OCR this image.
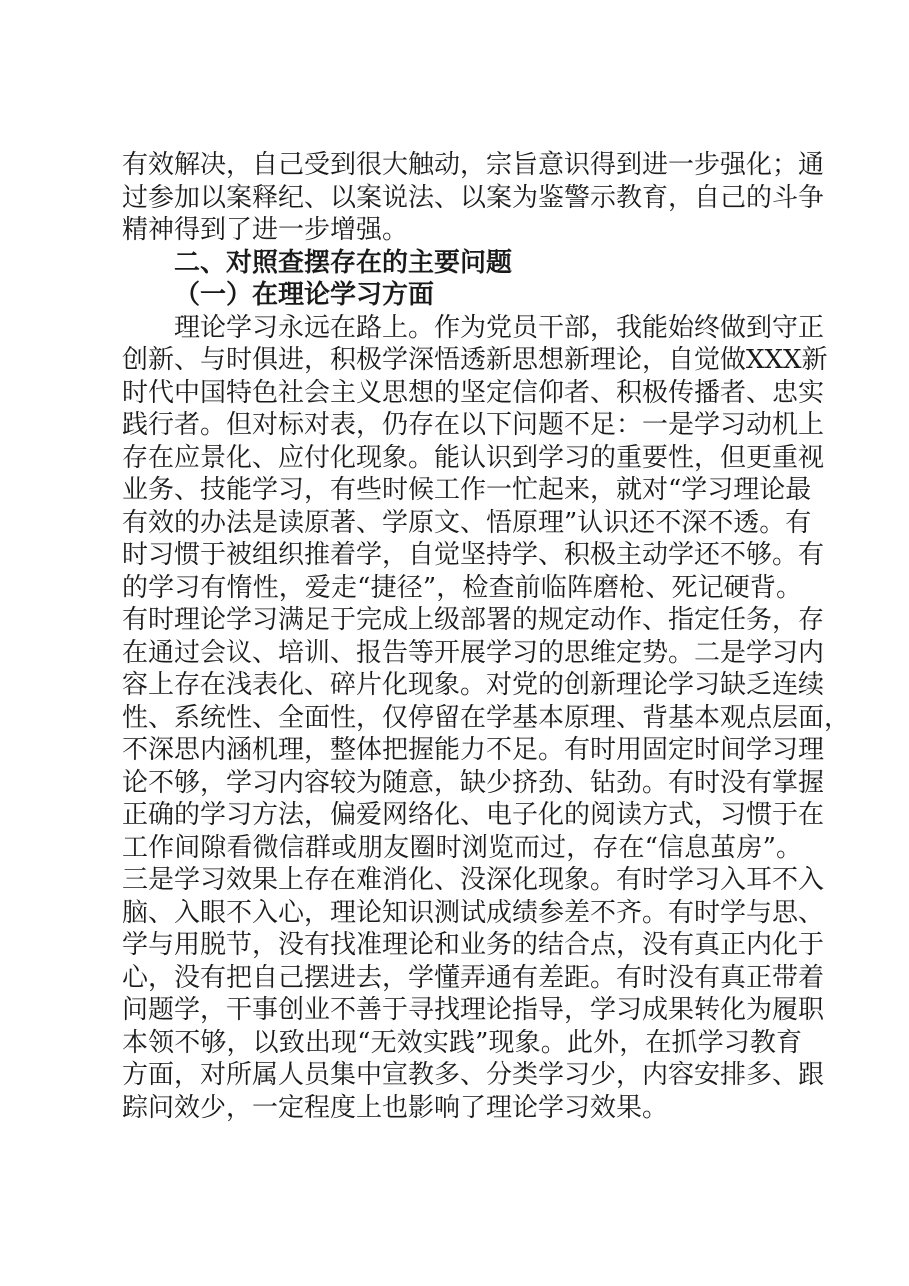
有效解决，自己受到很大触动，宗旨意识得到进一步强化；通
过参加以案释纪、以案说法、以案为鉴警示教育，自己的斗争
精神得到了进一步增强。
二、对照查摆存在的主要问题
（一）在理论学习方面
理论学习永远在路上。作为党员干部，我能始终做到守正
创新、与时俱进，积极学深悟透新思想新理论，自觉做XXX新
时代中国特色社会主义思想的坚定信仰者、积极传播者、忠实
践行者。但对标对表，仍存在以下问题不足：一是学习动机上
存在应景化、应付化现象。能认识到学习的重要性，但更重视
业务、技能学习，有些时候工作一忙起来，就对“学习理论最
有效的办法是读原著、学原文、悟原理”认识还不深不透。有
时习惯于被组织推着学，自觉坚持学、积极主动学还不够。有
的学习有惰性，爱走“捷径”，检查前临阵磨枪、死记硬背。
有时理论学习满足于完成上级部署的规定动作、指定任务，存
在通过会议、培训、报告等开展学习的思维定势。二是学习内
容上存在浅表化、碎片化现象。对党的创新理论学习缺乏连续
性、系统性、全面性，仅停留在学基本原理、背基本观点层面，
不深思内涵机理，整体把握能力不足。有时用固定时间学习理
论不够，学习内容较为随意，缺少挤劲、钻劲。有时没有掌握
正确的学习方法，偏爱网络化、电子化的阅读方式，习惯于在
工作间隙看微信群或朋友圈时浏览而过，存在“信息茧房”。
三是学习效果上存在难消化、没深化现象。有时学习入耳不入
脑、入眼不入心，理论知识测试成绩参差不齐。有时学与思、
学与用脱节，没有找准理论和业务的结合点，没有真正内化于
心，没有把自己摆进去，学懂弄通有差距。有时没有真正带着
问题学，干事创业不善于寻找理论指导，学习成果转化为履职
本领不够，以致出现“无效实践”现象。此外，在抓学习教育
方面，对所属人员集中宣教多、分类学习少，内容安排多、跟
踪问效少，一定程度上也影响了理论学习效果。
